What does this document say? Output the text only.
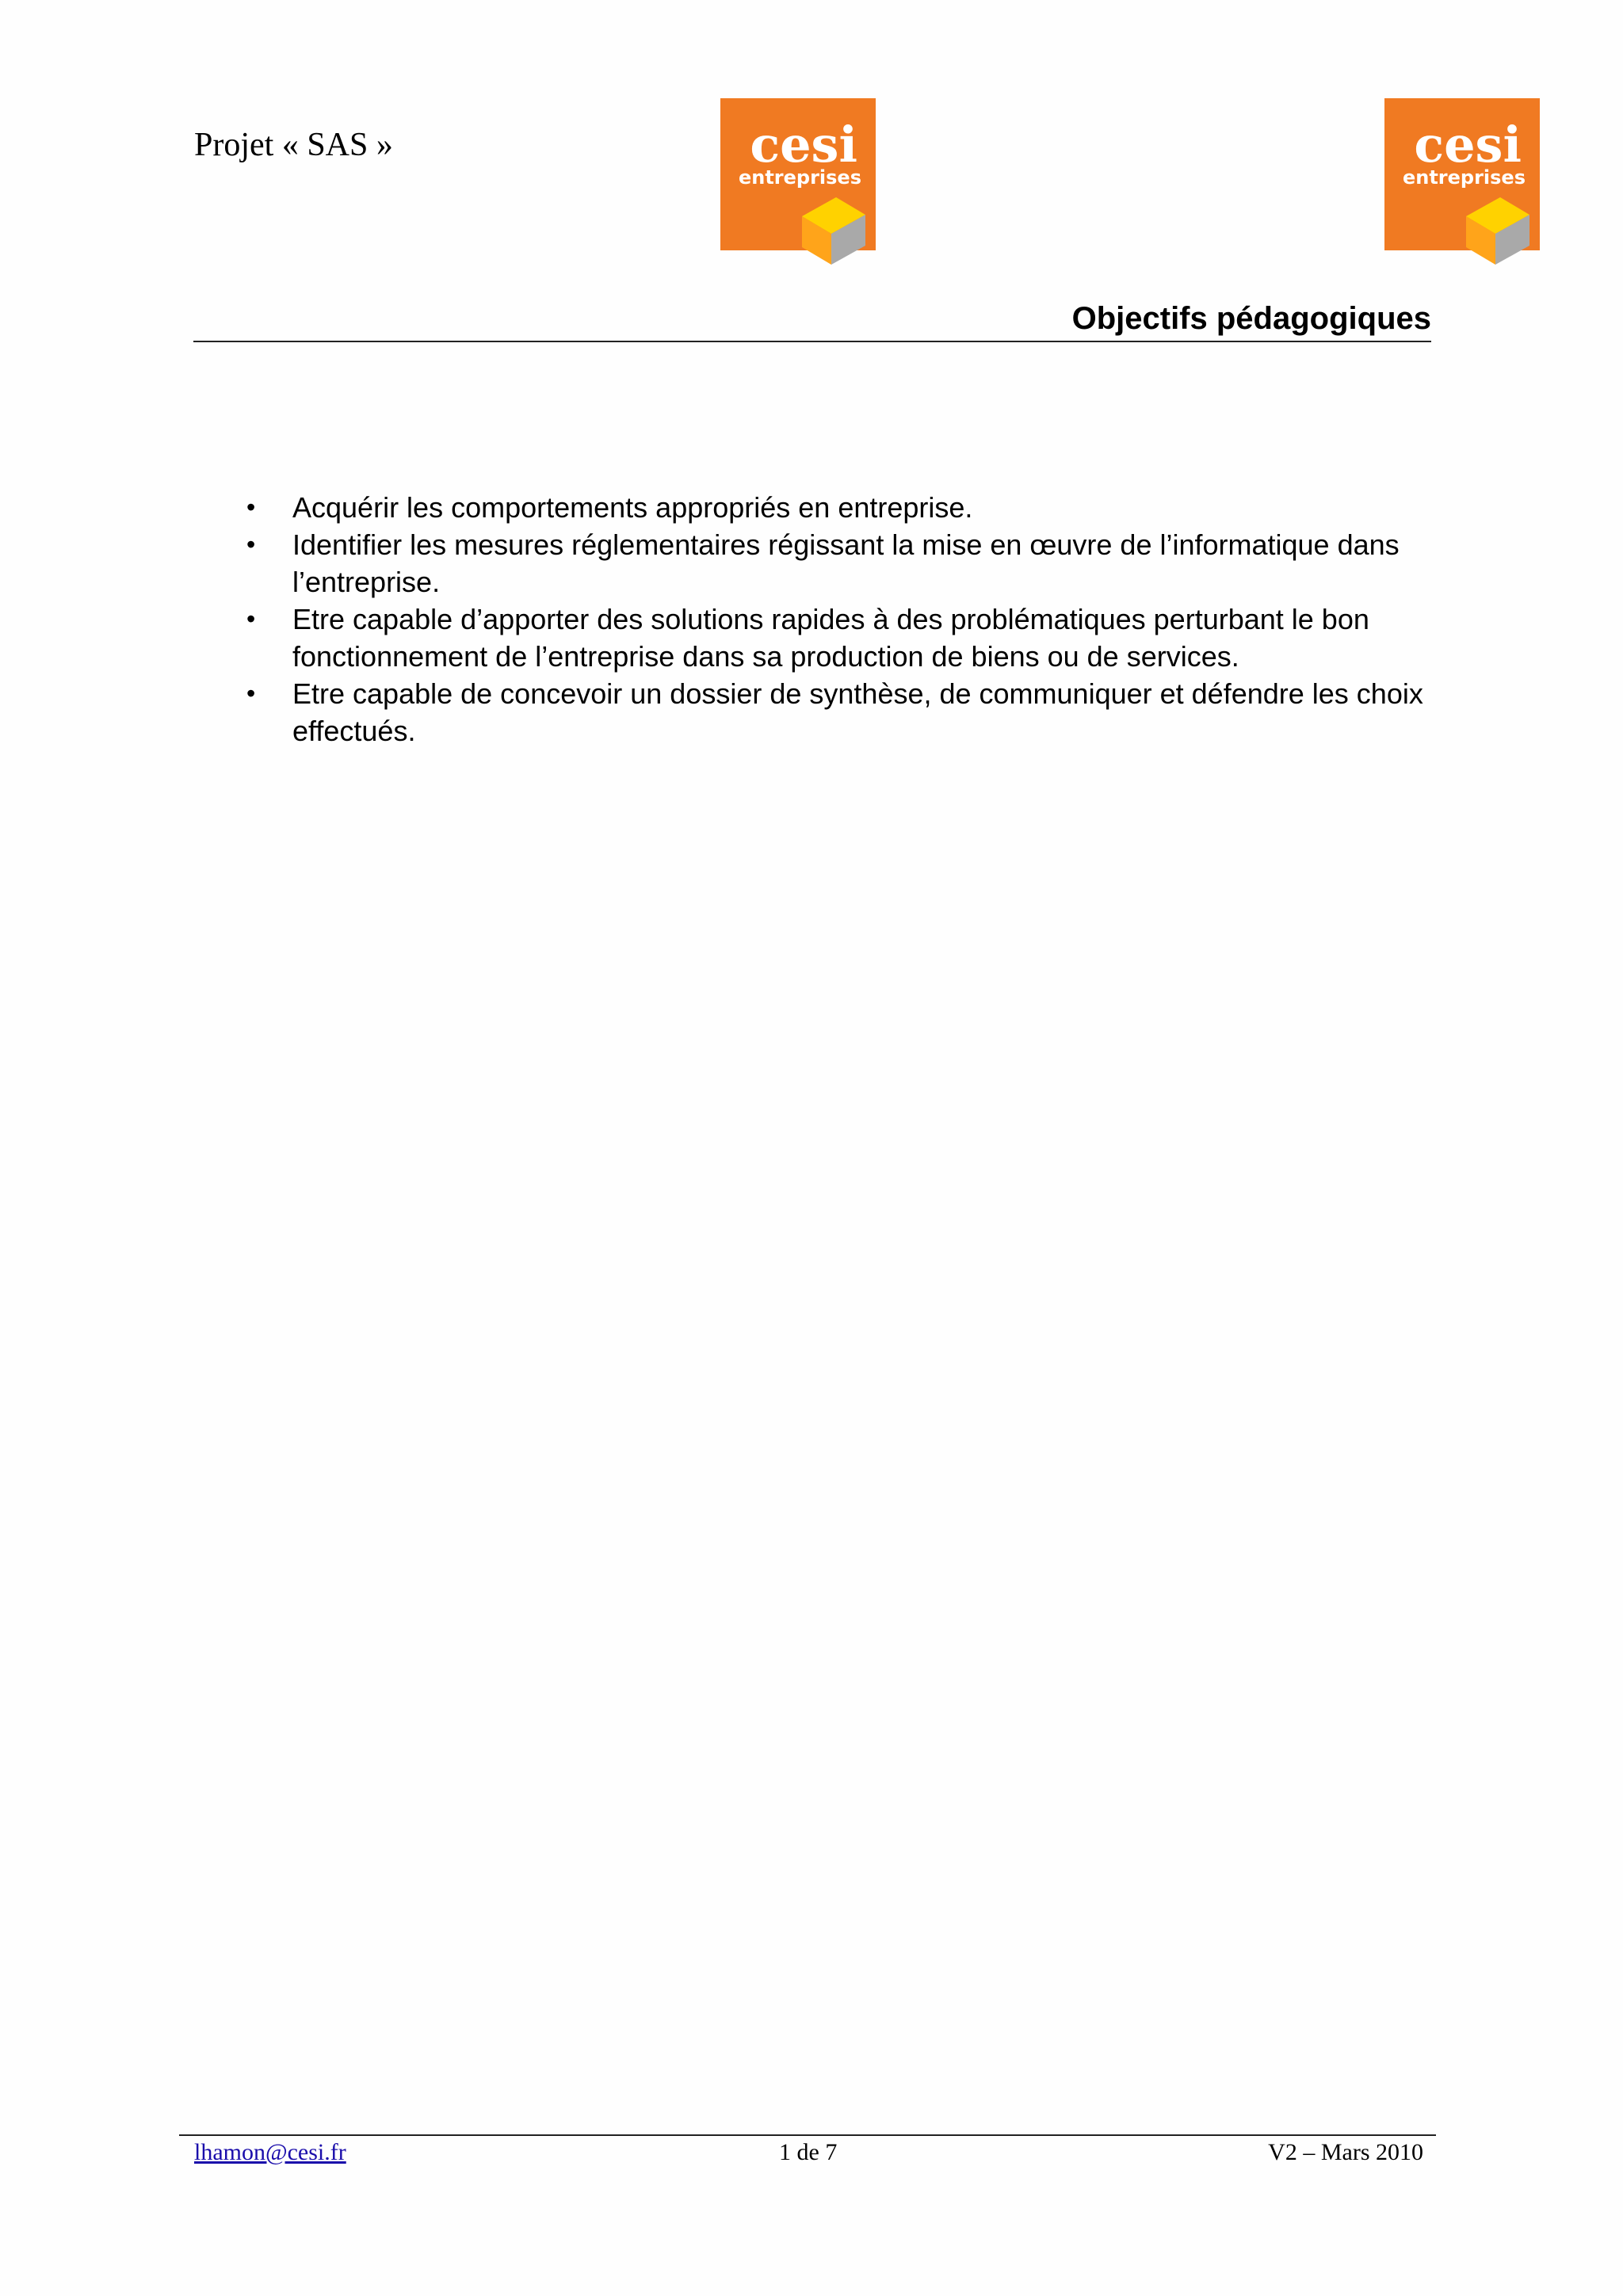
Projet « SAS »	cesi
entreprises
cesi
entreprises
Objectifs pédagogiques
• Acquérir les comportements appropriés en entreprise.
• Identifier les mesures réglementaires régissant la mise en œuvre de l’informatique dans l’entreprise.
• Etre capable d’apporter des solutions rapides à des problématiques perturbant le bon fonctionnement de l’entreprise dans sa production de biens ou de services.
• Etre capable de concevoir un dossier de synthèse, de communiquer et défendre les choix effectués.
lhamon@cesi.fr	1 de 7	V2 – Mars 2010
